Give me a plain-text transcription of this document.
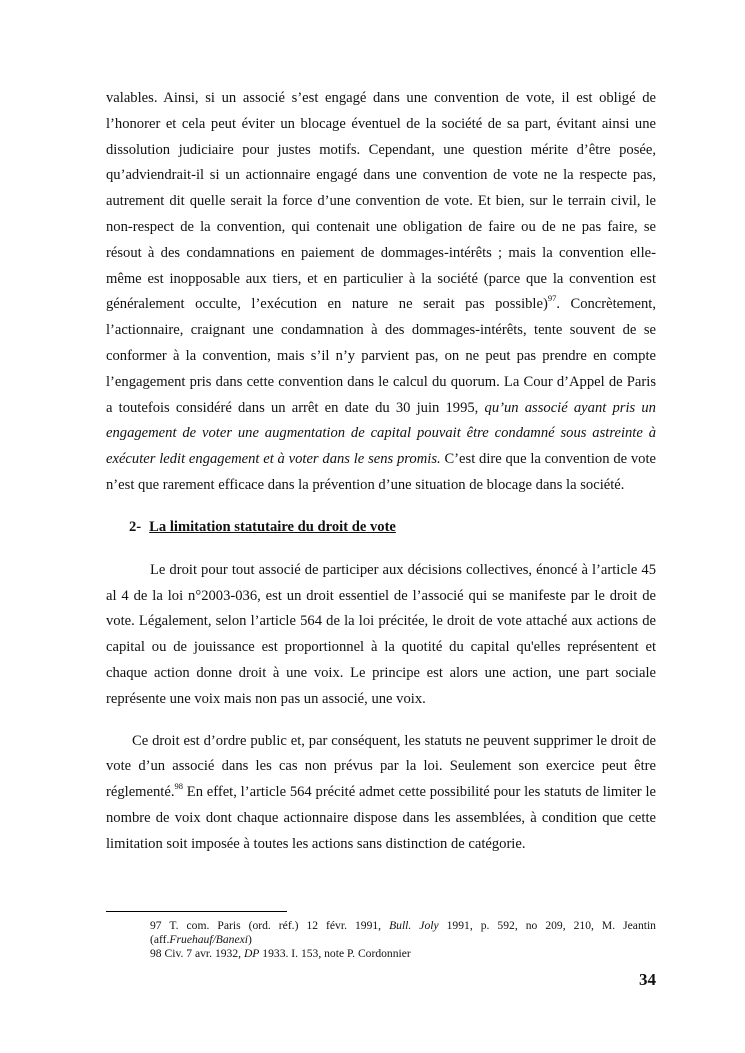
valables. Ainsi, si un associé s’est engagé dans une convention de vote, il est obligé de l’honorer et cela peut éviter un blocage éventuel de la société de sa part, évitant ainsi une dissolution judiciaire pour justes motifs. Cependant, une question mérite d’être posée, qu’adviendrait-il si un actionnaire engagé dans une convention de vote ne la respecte pas, autrement dit quelle serait la force d’une convention de vote. Et bien, sur le terrain civil, le non-respect de la convention, qui contenait une obligation de faire ou de ne pas faire, se résout à des condamnations en paiement de dommages-intérêts ; mais la convention elle-même est inopposable aux tiers, et en particulier à la société (parce que la convention est généralement occulte, l’exécution en nature ne serait pas possible)$^{97}$. Concrètement, l’actionnaire, craignant une condamnation à des dommages-intérêts, tente souvent de se conformer à la convention, mais s’il n’y parvient pas, on ne peut pas prendre en compte l’engagement pris dans cette convention dans le calcul du quorum. La Cour d’Appel de Paris a toutefois considéré dans un arrêt en date du 30 juin 1995, qu’un associé ayant pris un engagement de voter une augmentation de capital pouvait être condamné sous astreinte à exécuter ledit engagement et à voter dans le sens promis. C’est dire que la convention de vote n’est que rarement efficace dans la prévention d’une situation de blocage dans la société.

2- La limitation statutaire du droit de vote

Le droit pour tout associé de participer aux décisions collectives, énoncé à l’article 45 al 4 de la loi n°2003-036, est un droit essentiel de l’associé qui se manifeste par le droit de vote. Légalement, selon l’article 564 de la loi précitée, le droit de vote attaché aux actions de capital ou de jouissance est proportionnel à la quotité du capital qu'elles représentent et chaque action donne droit à une voix. Le principe est alors une action, une part sociale représente une voix mais non pas un associé, une voix.

Ce droit est d’ordre public et, par conséquent, les statuts ne peuvent supprimer le droit de vote d’un associé dans les cas non prévus par la loi. Seulement son exercice peut être réglementé.$^{98}$ En effet, l’article 564 précité admet cette possibilité pour les statuts de limiter le nombre de voix dont chaque actionnaire dispose dans les assemblées, à condition que cette limitation soit imposée à toutes les actions sans distinction de catégorie.

97 T. com. Paris (ord. réf.) 12 févr. 1991, Bull. Joly 1991, p. 592, no 209, 210, M. Jeantin (aff.Fruehauf/Banexi)
98 Civ. 7 avr. 1932, DP 1933. I. 153, note P. Cordonnier
34
